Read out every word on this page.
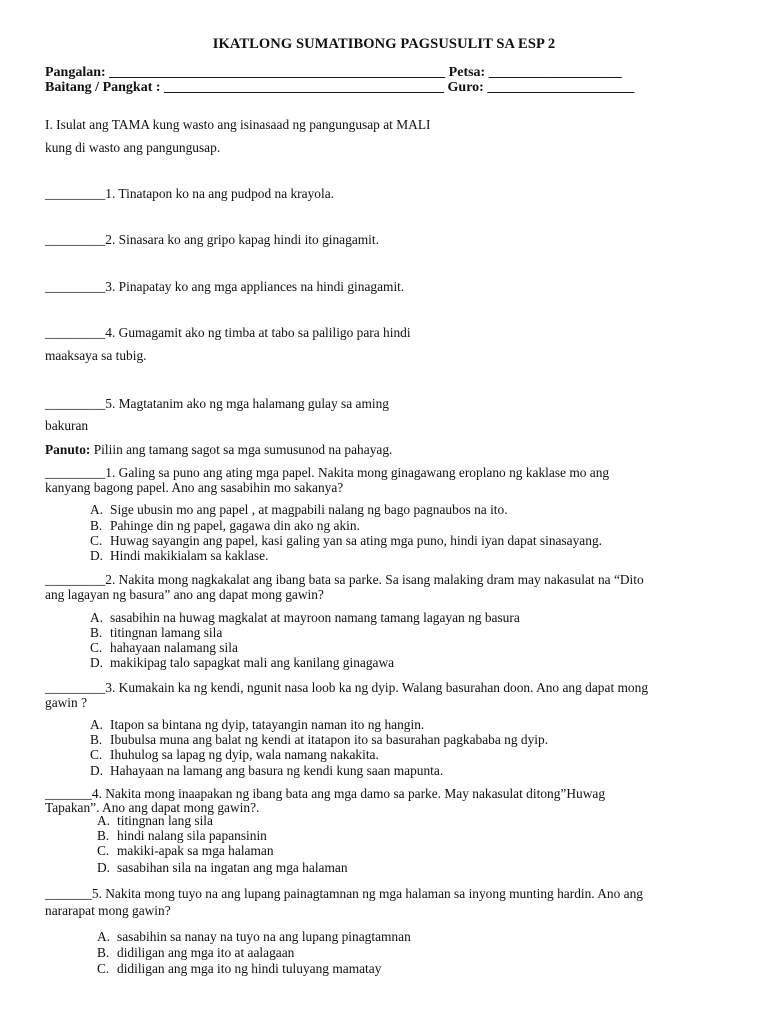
IKATLONG SUMATIBONG PAGSUSULIT SA ESP 2
Pangalan: ________________________________________________ Petsa: ___________________
Baitang / Pangkat : ________________________________________ Guro: _____________________
I. Isulat ang TAMA kung wasto ang isinasaad ng pangungusap at MALI
kung di wasto ang pangungusap.
_________1. Tinatapon ko na ang pudpod na krayola.
_________2. Sinasara ko ang gripo kapag hindi ito ginagamit.
_________3. Pinapatay ko ang mga appliances na hindi ginagamit.
_________4. Gumagamit ako ng timba at tabo sa paliligo para hindi
maaksaya sa tubig.
_________5. Magtatanim ako ng mga halamang gulay sa aming
bakuran
Panuto: Piliin ang tamang sagot sa mga sumusunod na pahayag.
_________1. Galing sa puno ang ating mga papel. Nakita mong ginagawang eroplano ng kaklase mo ang
kanyang bagong papel. Ano ang sasabihin mo sakanya?
A. Sige ubusin mo ang papel , at magpabili nalang ng bago pagnaubos na ito.
B. Pahinge din ng papel, gagawa din ako ng akin.
C. Huwag sayangin ang papel, kasi galing yan sa ating mga puno, hindi iyan dapat sinasayang.
D. Hindi makikialam sa kaklase.
_________2. Nakita mong nagkakalat ang ibang bata sa parke. Sa isang malaking dram may nakasulat na “Dito
ang lagayan ng basura” ano ang dapat mong gawin?
A. sasabihin na huwag magkalat at mayroon namang tamang lagayan ng basura
B. titingnan lamang sila
C. hahayaan nalamang sila
D. makikipag talo sapagkat mali ang kanilang ginagawa
_________3. Kumakain ka ng kendi, ngunit nasa loob ka ng dyip. Walang basurahan doon. Ano ang dapat mong
gawin ?
A. Itapon sa bintana ng dyip, tatayangin naman ito ng hangin.
B. Ibubulsa muna ang balat ng kendi at itatapon ito sa basurahan pagkababa ng dyip.
C. Ihuhulog sa lapag ng dyip, wala namang nakakita.
D. Hahayaan na lamang ang basura ng kendi kung saan mapunta.
_______4. Nakita mong inaapakan ng ibang bata ang mga damo sa parke. May nakasulat ditong”Huwag
Tapakan”. Ano ang dapat mong gawin?.
A. titingnan lang sila
B. hindi nalang sila papansinin
C. makiki-apak sa mga halaman
D. sasabihan sila na ingatan ang mga halaman
_______5. Nakita mong tuyo na ang lupang painagtamnan ng mga halaman sa inyong munting hardin. Ano ang
nararapat mong gawin?
A. sasabihin sa nanay na tuyo na ang lupang pinagtamnan
B. didiligan ang mga ito at aalagaan
C. didiligan ang mga ito ng hindi tuluyang mamatay
